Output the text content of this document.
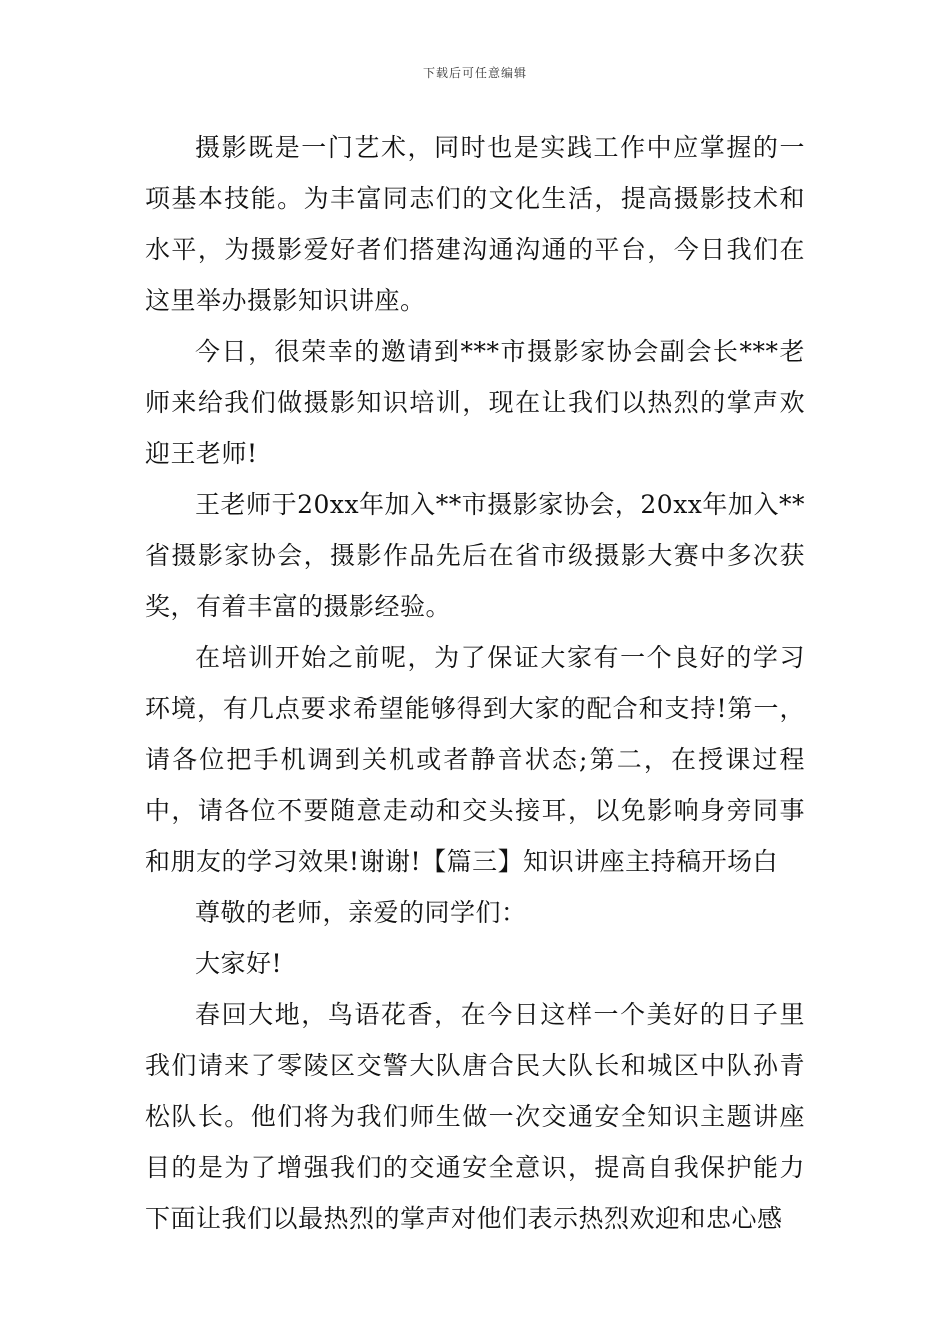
下载后可任意编辑

摄影既是一门艺术，同时也是实践工作中应掌握的一项基本技能。为丰富同志们的文化生活，提高摄影技术和水平，为摄影爱好者们搭建沟通沟通的平台，今日我们在这里举办摄影知识讲座。

今日，很荣幸的邀请到***市摄影家协会副会长***老师来给我们做摄影知识培训，现在让我们以热烈的掌声欢迎王老师!

王老师于20xx年加入**市摄影家协会，20xx年加入**省摄影家协会，摄影作品先后在省市级摄影大赛中多次获奖，有着丰富的摄影经验。

在培训开始之前呢，为了保证大家有一个良好的学习环境，有几点要求希望能够得到大家的配合和支持!第一，请各位把手机调到关机或者静音状态;第二，在授课过程中，请各位不要随意走动和交头接耳，以免影响身旁同事和朋友的学习效果!谢谢!【篇三】知识讲座主持稿开场白

尊敬的老师，亲爱的同学们：

大家好!

春回大地，鸟语花香，在今日这样一个美好的日子里我们请来了零陵区交警大队唐合民大队长和城区中队孙青松队长。他们将为我们师生做一次交通安全知识主题讲座目的是为了增强我们的交通安全意识，提高自我保护能力下面让我们以最热烈的掌声对他们表示热烈欢迎和忠心感
